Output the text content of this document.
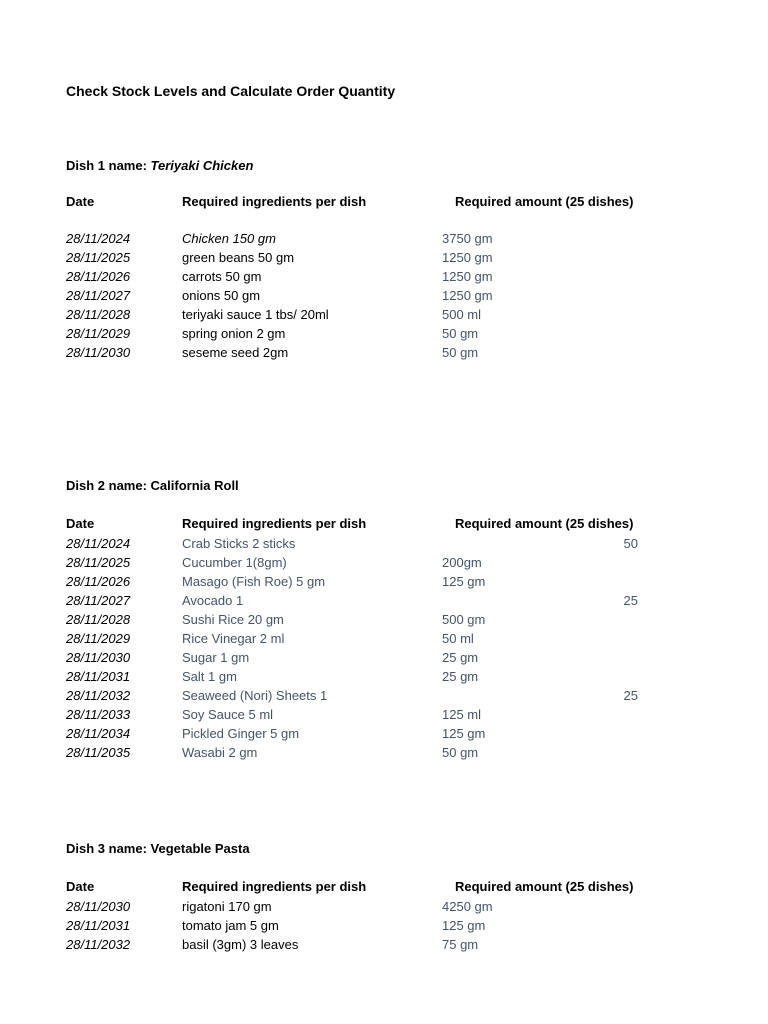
Check Stock Levels and Calculate Order Quantity
Dish 1 name: Teriyaki Chicken
Date	Required ingredients per dish	Required amount (25 dishes)
28/11/2024	Chicken 150 gm	3750 gm
28/11/2025	green beans 50 gm	1250 gm
28/11/2026	carrots 50 gm	1250 gm
28/11/2027	onions 50 gm	1250 gm
28/11/2028	teriyaki sauce 1 tbs/ 20ml	500 ml
28/11/2029	spring onion 2 gm	50 gm
28/11/2030	seseme seed 2gm	50 gm
Dish 2 name: California Roll
Date	Required ingredients per dish	Required amount (25 dishes)
28/11/2024	Crab Sticks 2 sticks	50
28/11/2025	Cucumber 1(8gm)	200gm
28/11/2026	Masago (Fish Roe) 5 gm	125 gm
28/11/2027	Avocado 1	25
28/11/2028	Sushi Rice 20 gm	500 gm
28/11/2029	Rice Vinegar 2 ml	50 ml
28/11/2030	Sugar 1 gm	25 gm
28/11/2031	Salt 1 gm	25 gm
28/11/2032	Seaweed (Nori) Sheets 1	25
28/11/2033	Soy Sauce 5 ml	125 ml
28/11/2034	Pickled Ginger 5 gm	125 gm
28/11/2035	Wasabi 2 gm	50 gm
Dish 3 name: Vegetable Pasta
Date	Required ingredients per dish	Required amount (25 dishes)
28/11/2030	rigatoni 170 gm	4250 gm
28/11/2031	tomato jam 5 gm	125 gm
28/11/2032	basil (3gm) 3 leaves	75 gm
